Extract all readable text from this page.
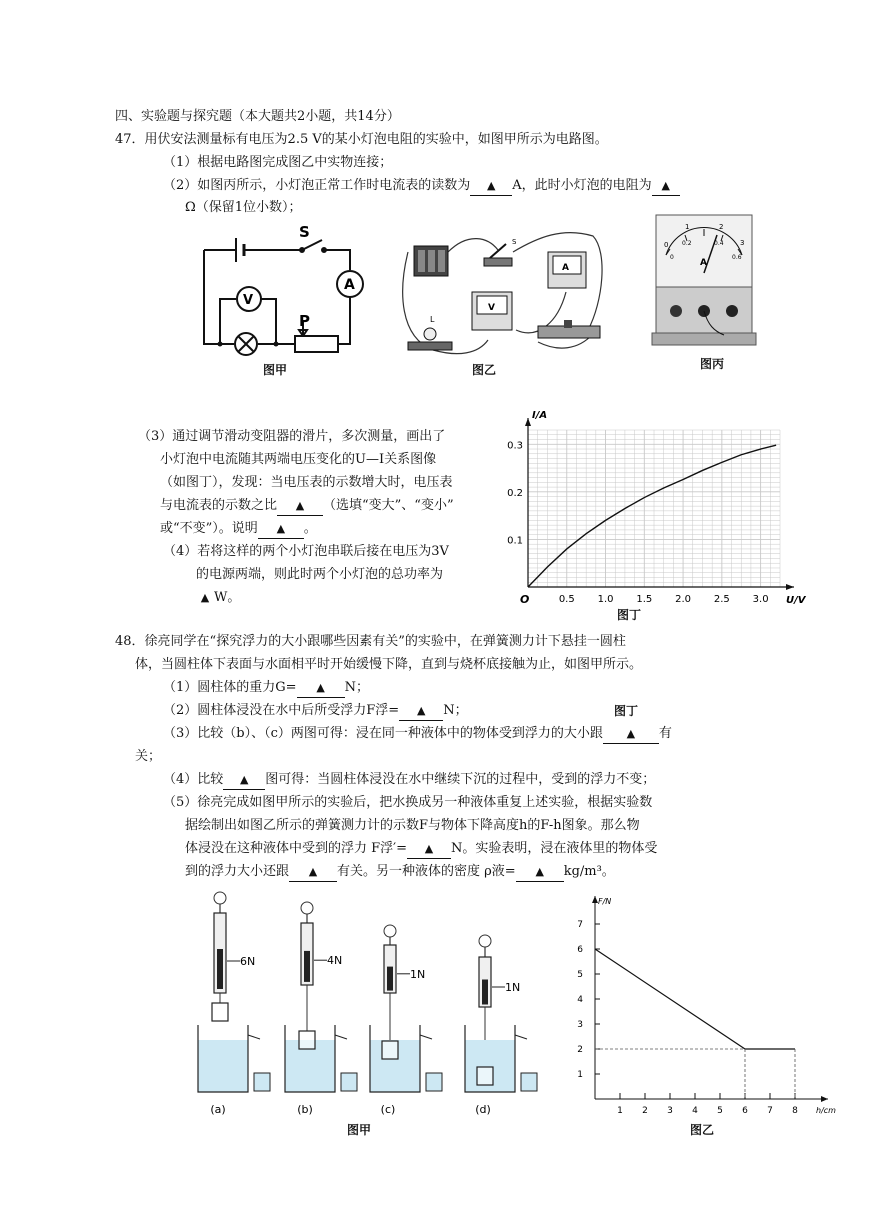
四、实验题与探究题（本大题共2小题，共14分）
47．用伏安法测量标有电压为2.5 V的某小灯泡电阻的实验中，如图甲所示为电路图。
（1）根据电路图完成图乙中实物连接；
（2）如图丙所示，小灯泡正常工作时电流表的读数为 ▲ A，此时小灯泡的电阻为 ▲
Ω（保留1位小数）；
S
A
V
P
图甲
S
A
V
L
图乙
0
1	2
3
0
0.2	0.4
0.6
A
图丙
（3）通过调节滑动变阻器的滑片，多次测量，画出了
小灯泡中电流随其两端电压变化的U—I关系图像
（如图丁），发现：当电压表的示数增大时，电压表
与电流表的示数之比 ▲ （选填“变大”、“变小”
或“不变”）。说明 ▲ 。
（4）若将这样的两个小灯泡串联后接在电压为3V
的电源两端，则此时两个小灯泡的总功率为
▲ W。	0.5 1.0 1.5 2.0 2.5 3.0
0.1
0.2
0.3
O	U/V
I/A
图丁
48．徐亮同学在“探究浮力的大小跟哪些因素有关”的实验中，在弹簧测力计下悬挂一圆柱
体，当圆柱体下表面与水面相平时开始缓慢下降，直到与烧杯底接触为止，如图甲所示。
（1）圆柱体的重力G= ▲ N；
（2）圆柱体浸没在水中后所受浮力F浮= ▲ N；	图丁
（3）比较（b）、（c）两图可得：浸在同一种液体中的物体受到浮力的大小跟 ▲ 有
关；
（4）比较 ▲ 图可得：当圆柱体浸没在水中继续下沉的过程中，受到的浮力不变；
（5）徐亮完成如图甲所示的实验后，把水换成另一种液体重复上述实验，根据实验数
据绘制出如图乙所示的弹簧测力计的示数F与物体下降高度h的F-h图象。那么物
体浸没在这种液体中受到的浮力 F浮′= ▲ N。实验表明，浸在液体里的物体受
到的浮力大小还跟 ▲ 有关。另一种液体的密度 ρ液= ▲ kg/m³。
6N
(a)
4N
(b)
1N
(c)
1N
(d)
图甲
1 2 3 4 5 6 7 8
1
2
3
4
5
6
7
F/N
h/cm
图乙
